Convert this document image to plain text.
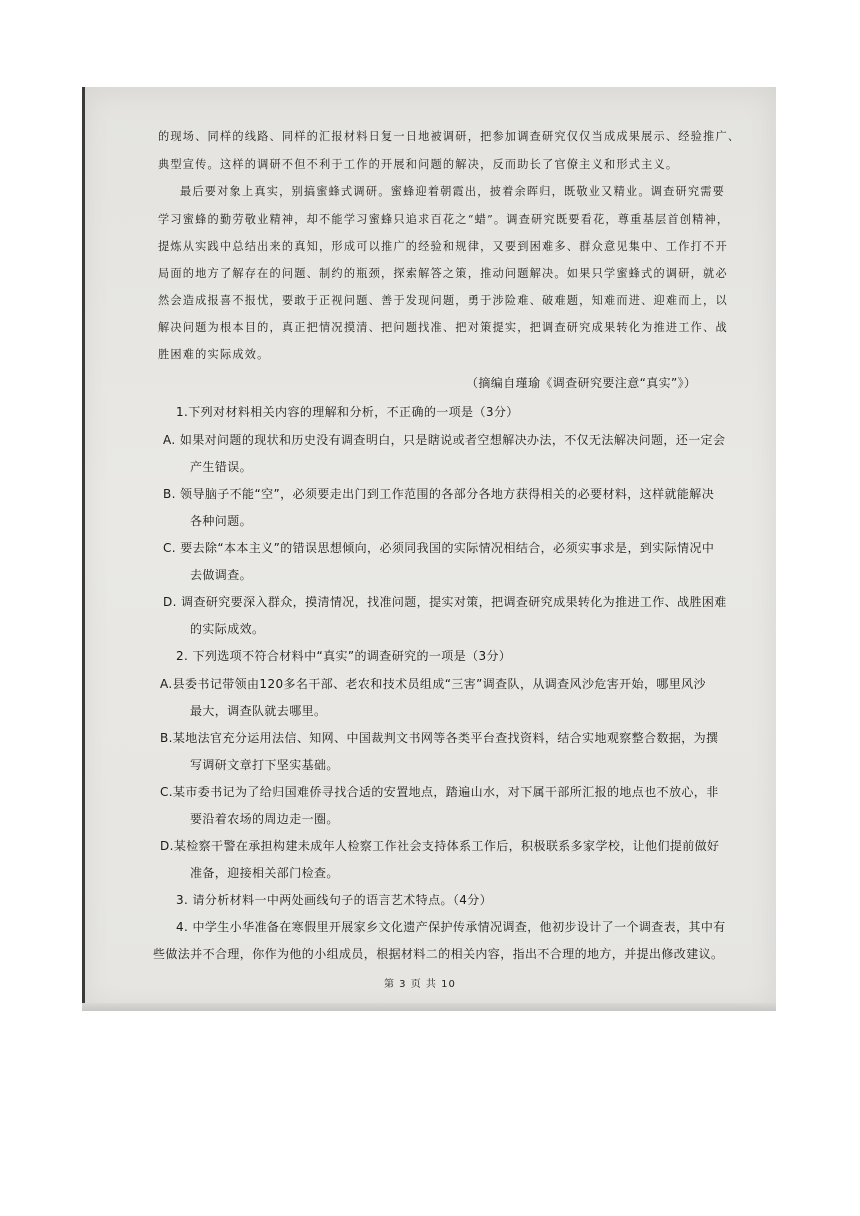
的现场、同样的线路、同样的汇报材料日复一日地被调研，把参加调查研究仅仅当成成果展示、经验推广、
典型宣传。这样的调研不但不利于工作的开展和问题的解决，反而助长了官僚主义和形式主义。
最后要对象上真实，别搞蜜蜂式调研。蜜蜂迎着朝霞出，披着余晖归，既敬业又精业。调查研究需要
学习蜜蜂的勤劳敬业精神，却不能学习蜜蜂只追求百花之“蜡”。调查研究既要看花，尊重基层首创精神，
提炼从实践中总结出来的真知，形成可以推广的经验和规律，又要到困难多、群众意见集中、工作打不开
局面的地方了解存在的问题、制约的瓶颈，探索解答之策，推动问题解决。如果只学蜜蜂式的调研，就必
然会造成报喜不报忧，要敢于正视问题、善于发现问题，勇于涉险难、破难题，知难而进、迎难而上，以
解决问题为根本目的，真正把情况摸清、把问题找准、把对策提实，把调查研究成果转化为推进工作、战
胜困难的实际成效。
（摘编自瑾瑜《调查研究要注意“真实”》）
1.下列对材料相关内容的理解和分析，不正确的一项是（3分）
A. 如果对问题的现状和历史没有调查明白，只是瞎说或者空想解决办法，不仅无法解决问题，还一定会
产生错误。
B. 领导脑子不能“空”，必须要走出门到工作范围的各部分各地方获得相关的必要材料，这样就能解决
各种问题。
C. 要去除“本本主义”的错误思想倾向，必须同我国的实际情况相结合，必须实事求是，到实际情况中
去做调查。
D. 调查研究要深入群众，摸清情况，找准问题，提实对策，把调查研究成果转化为推进工作、战胜困难
的实际成效。
2. 下列选项不符合材料中“真实”的调查研究的一项是（3分）
A.县委书记带领由120多名干部、老农和技术员组成“三害”调查队，从调查风沙危害开始，哪里风沙
最大，调查队就去哪里。
B.某地法官充分运用法信、知网、中国裁判文书网等各类平台查找资料，结合实地观察整合数据，为撰
写调研文章打下坚实基础。
C.某市委书记为了给归国难侨寻找合适的安置地点，踏遍山水，对下属干部所汇报的地点也不放心，非
要沿着农场的周边走一圈。
D.某检察干警在承担构建未成年人检察工作社会支持体系工作后，积极联系多家学校，让他们提前做好
准备，迎接相关部门检查。
3. 请分析材料一中两处画线句子的语言艺术特点。（4分）
4. 中学生小华准备在寒假里开展家乡文化遗产保护传承情况调查，他初步设计了一个调查表，其中有
些做法并不合理，你作为他的小组成员，根据材料二的相关内容，指出不合理的地方，并提出修改建议。
第 3 页 共 10
